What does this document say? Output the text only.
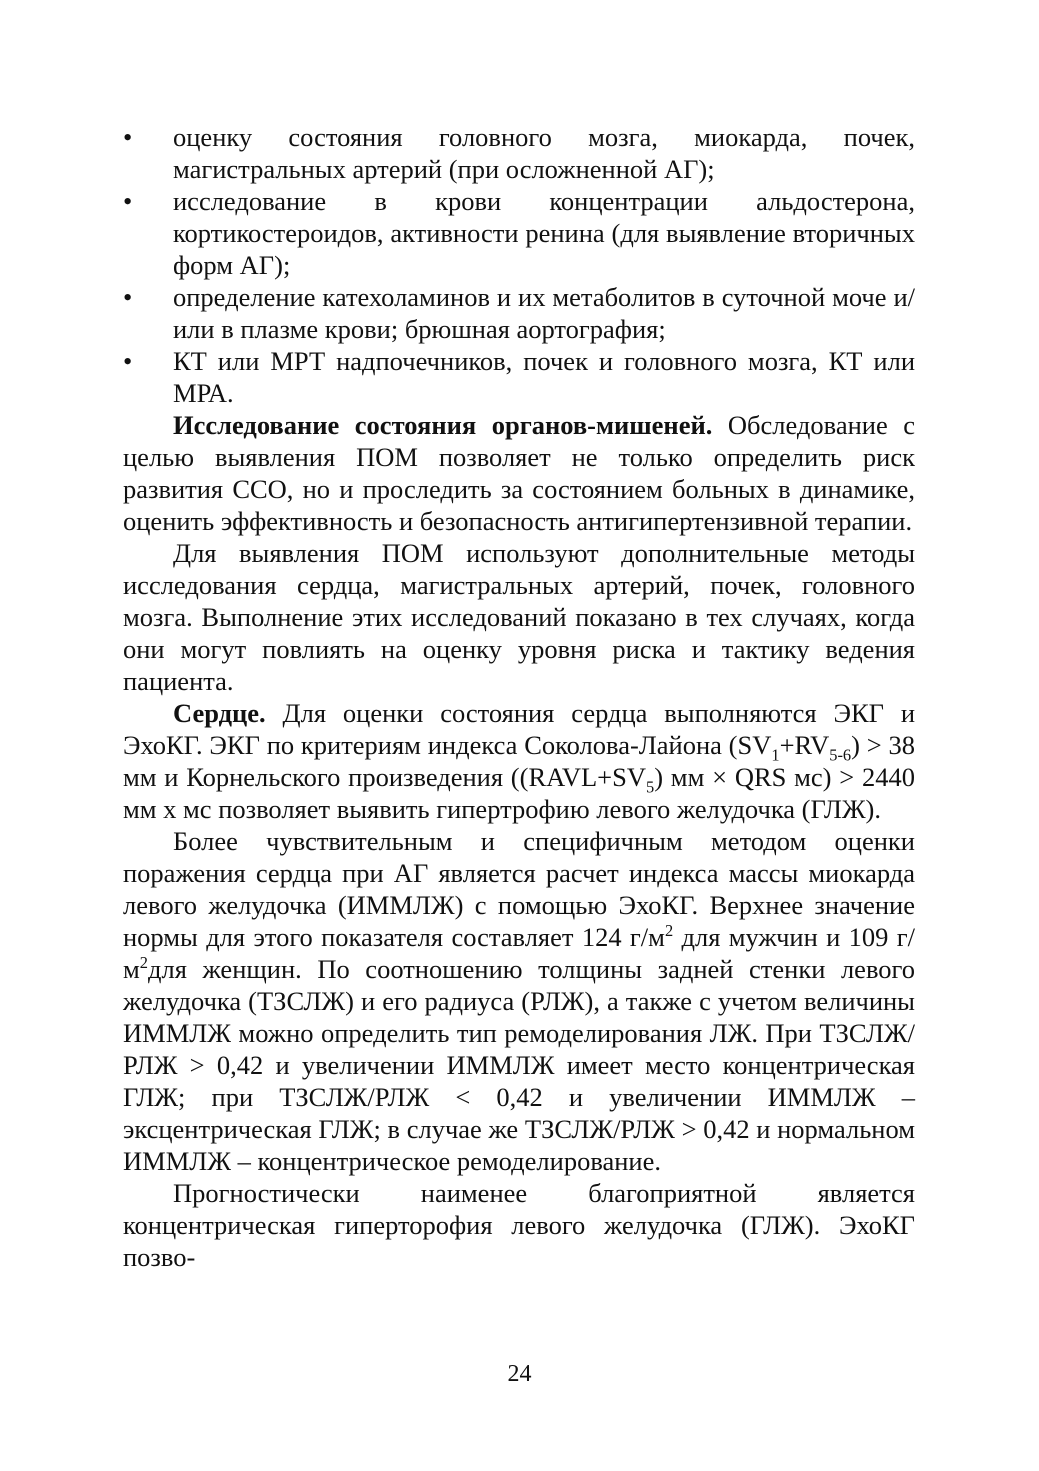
•	оценку состояния головного мозга, миокарда, почек, магистральных артерий (при осложненной АГ);
•	исследование в крови концентрации альдостерона, кортикостероидов, активности ренина (для выявление вторичных форм АГ);
•	определение катехоламинов и их метаболитов в суточной моче и/или в плазме крови; брюшная аортография;
•	КТ или МРТ надпочечников, почек и головного мозга, КТ или МРА.

Исследование состояния органов-мишеней. Обследование с целью выявления ПОМ позволяет не только определить риск развития ССО, но и проследить за состоянием больных в динамике, оценить эффективность и безопасность антигипертензивной терапии.

Для выявления ПОМ используют дополнительные методы исследования сердца, магистральных артерий, почек, головного мозга. Выполнение этих исследований показано в тех случаях, когда они могут повлиять на оценку уровня риска и тактику ведения пациента.

Сердце. Для оценки состояния сердца выполняются ЭКГ и ЭхоКГ. ЭКГ по критериям индекса Соколова-Лайона $(SV_1+RV_{5-6}) > 38$ мм и Корнельского произведения ($(RAVL+SV_5)$ мм × QRS мс) > 2440 мм х мс позволяет выявить гипертрофию левого желудочка (ГЛЖ).

Более чувствительным и специфичным методом оценки поражения сердца при АГ является расчет индекса массы миокарда левого желудочка (ИММЛЖ) с помощью ЭхоКГ. Верхнее значение нормы для этого показателя составляет 124 $г/м^2$ для мужчин и 109 $г/м^2для$ женщин. По соотношению толщины задней стенки левого желудочка (ТЗСЛЖ) и его радиуса (РЛЖ), а также с учетом величины ИММЛЖ можно определить тип ремоделирования ЛЖ. При ТЗСЛЖ/РЛЖ > 0,42 и увеличении ИММЛЖ имеет место концентрическая ГЛЖ; при ТЗСЛЖ/РЛЖ < 0,42 и увеличении ИММЛЖ – эксцентрическая ГЛЖ; в случае же ТЗСЛЖ/РЛЖ > 0,42 и нормальном ИММЛЖ – концентрическое ремоделирование.

Прогностически наименее благоприятной является концентрическая гиперторофия левого желудочка (ГЛЖ). ЭхоКГ позво-

24
